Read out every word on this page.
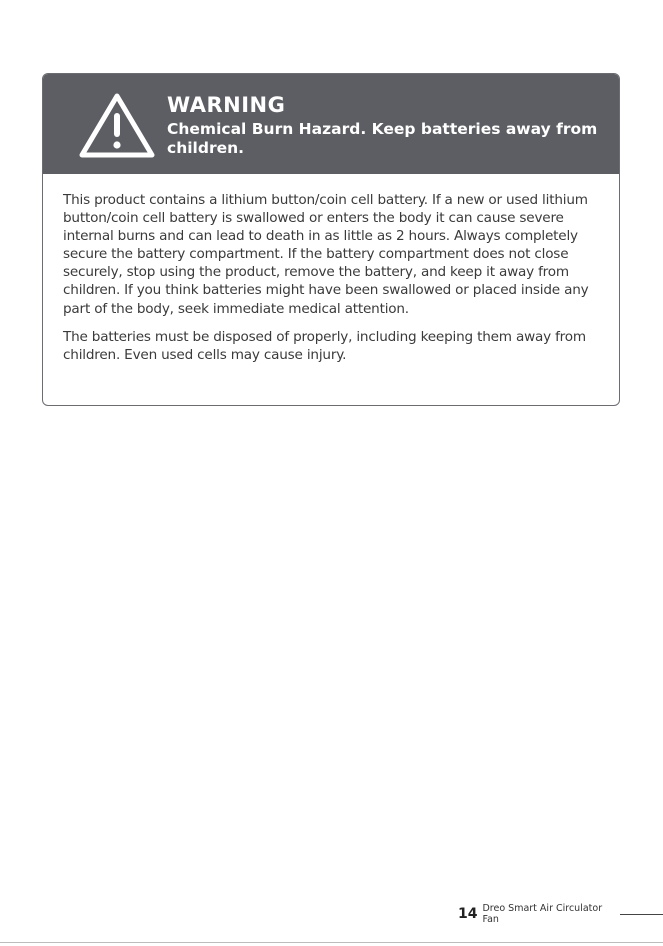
WARNING
Chemical Burn Hazard. Keep batteries away from children.

This product contains a lithium button/coin cell battery. If a new or used lithium button/coin cell battery is swallowed or enters the body it can cause severe internal burns and can lead to death in as little as 2 hours. Always completely secure the battery compartment. If the battery compartment does not close securely, stop using the product, remove the battery, and keep it away from children. If you think batteries might have been swallowed or placed inside any part of the body, seek immediate medical attention.

The batteries must be disposed of properly, including keeping them away from children. Even used cells may cause injury.

14 Dreo Smart Air Circulator Fan
